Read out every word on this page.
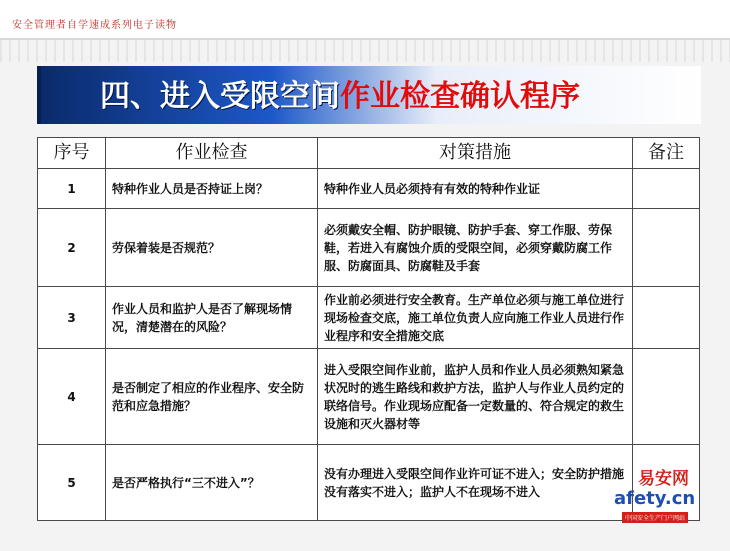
安全管理者自学速成系列电子读物
四、进入受限空间作业检查确认程序
序号	作业检查	对策措施	备注
1	特种作业人员是否持证上岗？	特种作业人员必须持有有效的特种作业证	
2	劳保着装是否规范？	必须戴安全帽、防护眼镜、防护手套、穿工作服、劳保鞋，若进入有腐蚀介质的受限空间，必须穿戴防腐工作服、防腐面具、防腐鞋及手套	
3	作业人员和监护人是否了解现场情况，清楚潜在的风险？	作业前必须进行安全教育。生产单位必须与施工单位进行现场检查交底，施工单位负责人应向施工作业人员进行作业程序和安全措施交底	
4	是否制定了相应的作业程序、安全防范和应急措施？	进入受限空间作业前，监护人员和作业人员必须熟知紧急状况时的逃生路线和救护方法，监护人与作业人员约定的联络信号。作业现场应配备一定数量的、符合规定的救生设施和灭火器材等	
5	是否严格执行“三不进入”？	没有办理进入受限空间作业许可证不进入；安全防护措施没有落实不进入；监护人不在现场不进入	
易安网
afety.cn
中国安全生产门户网站
